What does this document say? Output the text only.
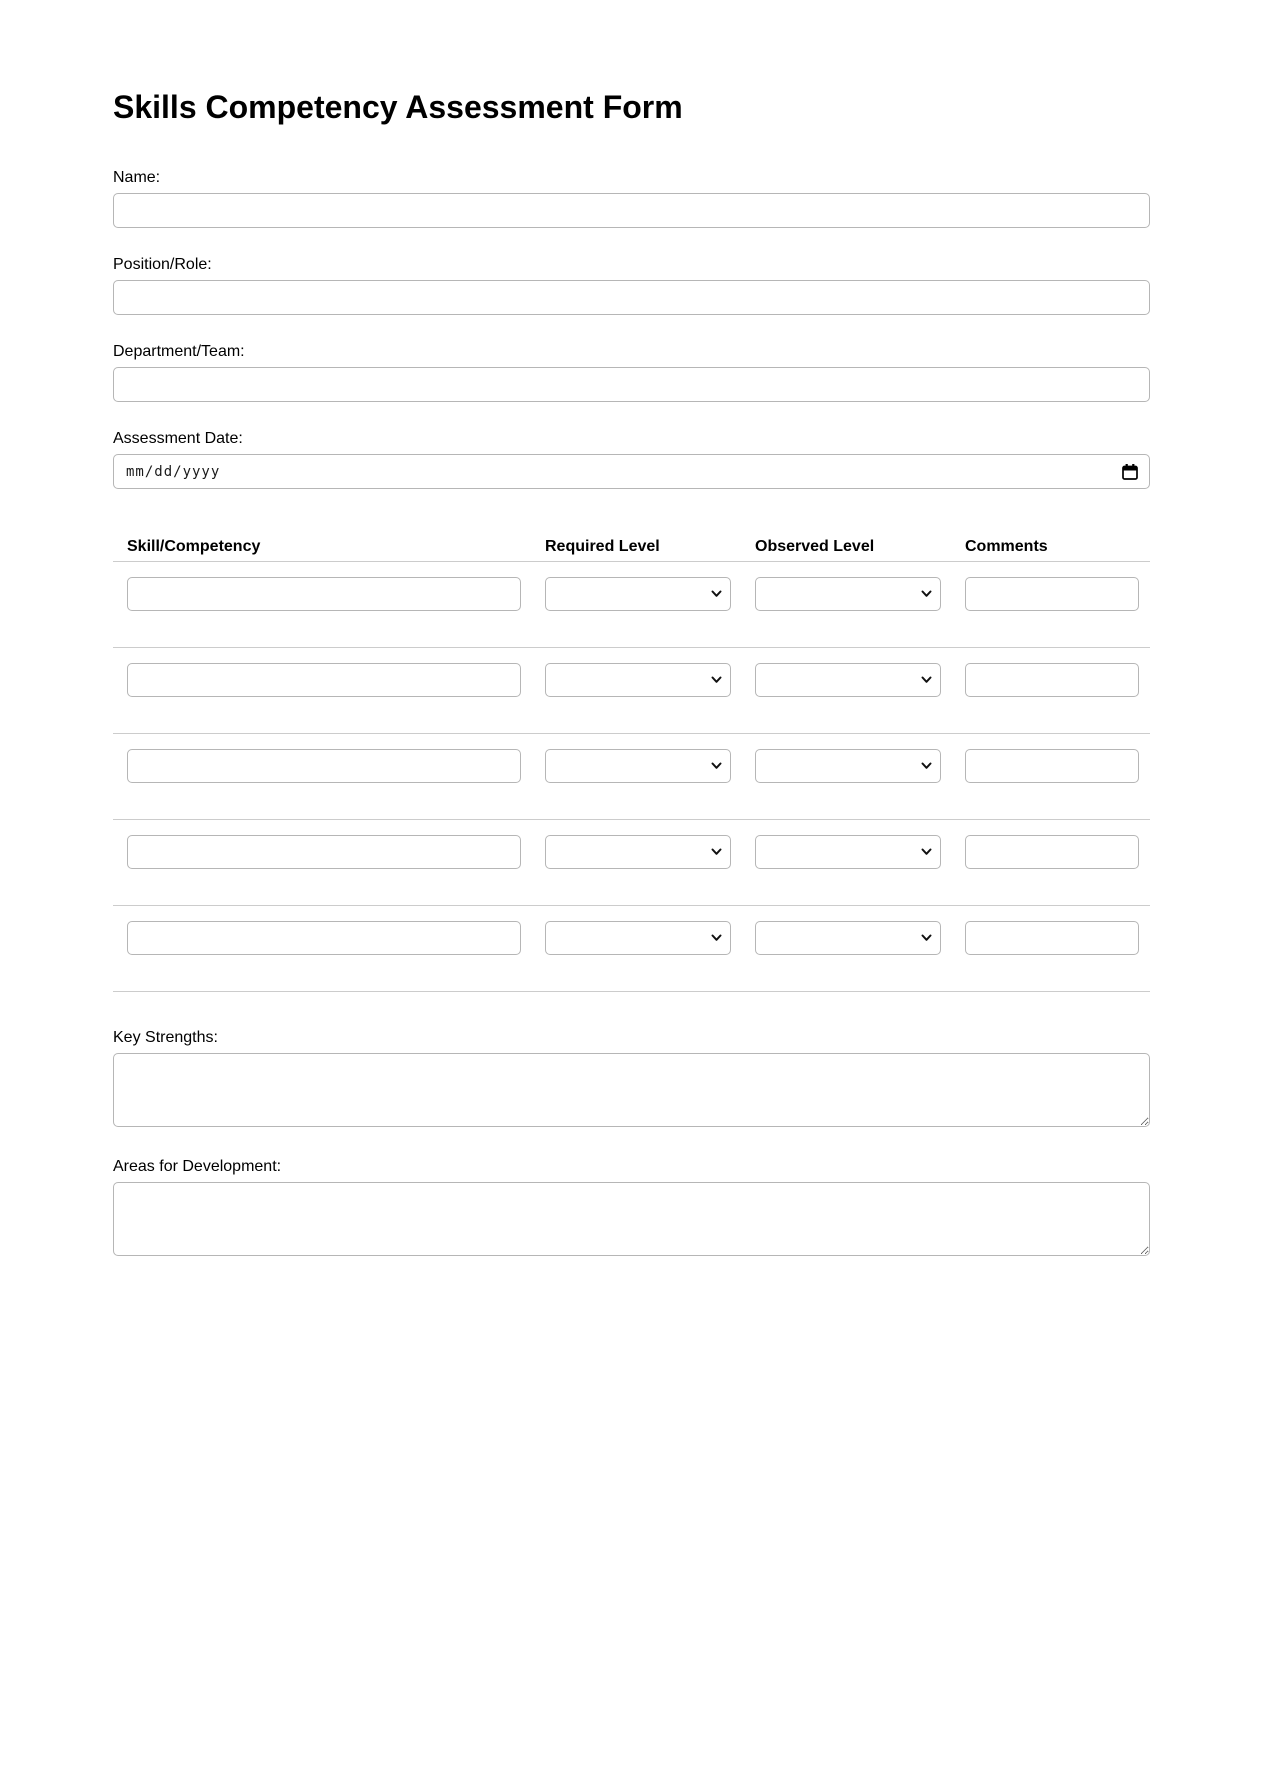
Skills Competency Assessment Form
Name:
Position/Role:
Department/Team:
Assessment Date:
mm/dd/yyyy
Skill/Competency	Required Level	Observed Level	Comments
Key Strengths:
Areas for Development:
